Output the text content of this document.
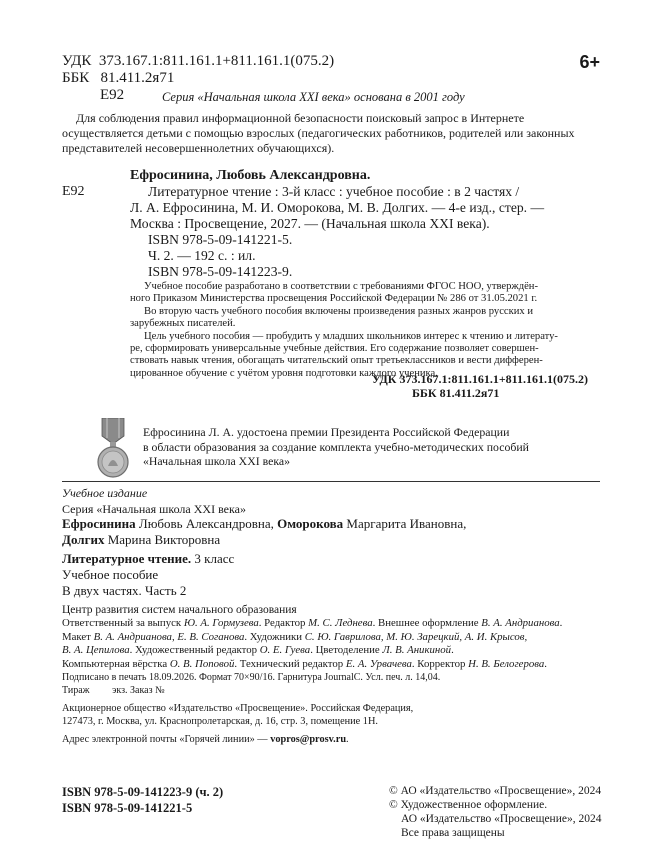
УДК 373.167.1:811.161.1+811.161.1(075.2)
ББК 81.411.2я71
Е92
6+
Серия «Начальная школа XXI века» основана в 2001 году

Для соблюдения правил информационной безопасности поисковый запрос в Интернете

осуществляется детьми с помощью взрослых (педагогических работников, родителей или законных

представителей несовершеннолетних обучающихся).

Ефросинина, Любовь Александровна.
Е92	Литературное чтение : 3-й класс : учебное пособие : в 2 частях /

Л. А. Ефросинина, М. И. Оморокова, М. В. Долгих. — 4-е изд., стер. —

Москва : Просвещение, 2027. — (Начальная школа XXI века).

ISBN 978-5-09-141221-5.

Ч. 2. — 192 с. : ил.

ISBN 978-5-09-141223-9.

Учебное пособие разработано в соответствии с требованиями ФГОС НОО, утверждён-

ного Приказом Министерства просвещения Российской Федерации № 286 от 31.05.2021 г.

Во вторую часть учебного пособия включены произведения разных жанров русских и

зарубежных писателей.

Цель учебного пособия — пробудить у младших школьников интерес к чтению и литерату-

ре, сформировать универсальные учебные действия. Его содержание позволяет совершен-

ствовать навык чтения, обогащать читательский опыт третьеклассников и вести дифферен-

цированное обучение с учётом уровня подготовки каждого ученика.

УДК 373.167.1:811.161.1+811.161.1(075.2)
ББК 81.411.2я71

Ефросинина Л. А. удостоена премии Президента Российской Федерации

в области образования за создание комплекта учебно-методических пособий

«Начальная школа XXI века»

Учебное издание
Серия «Начальная школа XXI века»

Ефросинина Любовь Александровна, Оморокова Маргарита Ивановна,

Долгих Марина Викторовна

Литературное чтение. 3 класс

Учебное пособие

В двух частях. Часть 2

Центр развития систем начального образования

Ответственный за выпуск Ю. А. Гормузева. Редактор М. С. Леднева. Внешнее оформление В. А. Андрианова.

Макет В. А. Андрианова, Е. В. Соганова. Художники С. Ю. Гаврилова, М. Ю. Зарецкий, А. И. Крысов,

В. А. Цепилова. Художественный редактор О. Е. Гуева. Цветоделение Л. В. Аникиной.

Компьютерная вёрстка О. В. Поповой. Технический редактор Е. А. Урвачева. Корректор Н. В. Белогерова.

Подписано в печать 18.09.2026. Формат 70×90/16. Гарнитура JournalC. Усл. печ. л. 14,04.
Тираж экз. Заказ №

Акционерное общество «Издательство «Просвещение». Российская Федерация,

127473, г. Москва, ул. Краснопролетарская, д. 16, стр. 3, помещение 1Н.

Адрес электронной почты «Горячей линии» — vopros@prosv.ru.

ISBN 978-5-09-141223-9 (ч. 2)

ISBN 978-5-09-141221-5

© АО «Издательство «Просвещение», 2024

© Художественное оформление.

АО «Издательство «Просвещение», 2024

Все права защищены
